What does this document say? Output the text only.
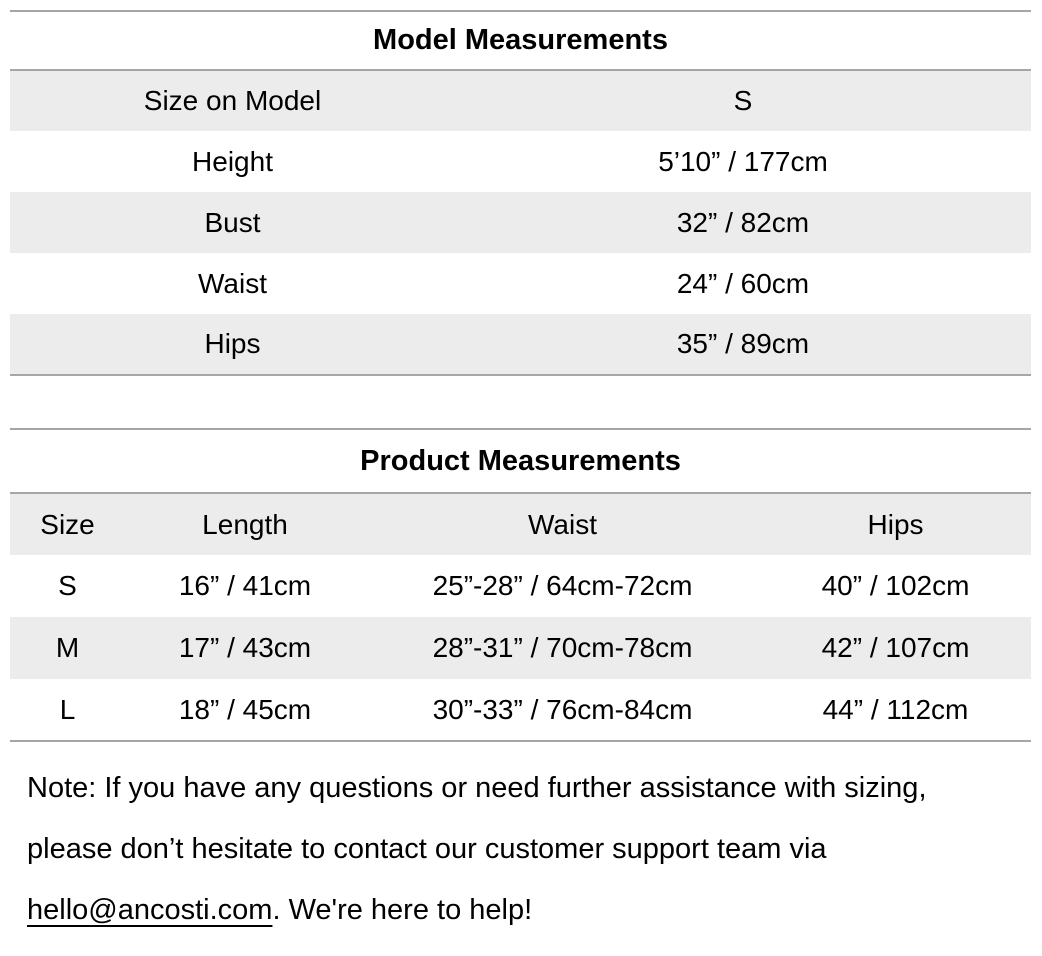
Model Measurements	
Size on Model	S
Height	5’10” / 177cm
Bust	32” / 82cm
Waist	24” / 60cm
Hips	35” / 89cm
Product Measurements			
Size	Length	Waist	Hips
S	16” / 41cm	25”-28” / 64cm-72cm	40” / 102cm
M	17” / 43cm	28”-31” / 70cm-78cm	42” / 107cm
L	18” / 45cm	30”-33” / 76cm-84cm	44” / 112cm
Note: If you have any questions or need further assistance with sizing,
please don’t hesitate to contact our customer support team via
hello@ancosti.com. We're here to help!
